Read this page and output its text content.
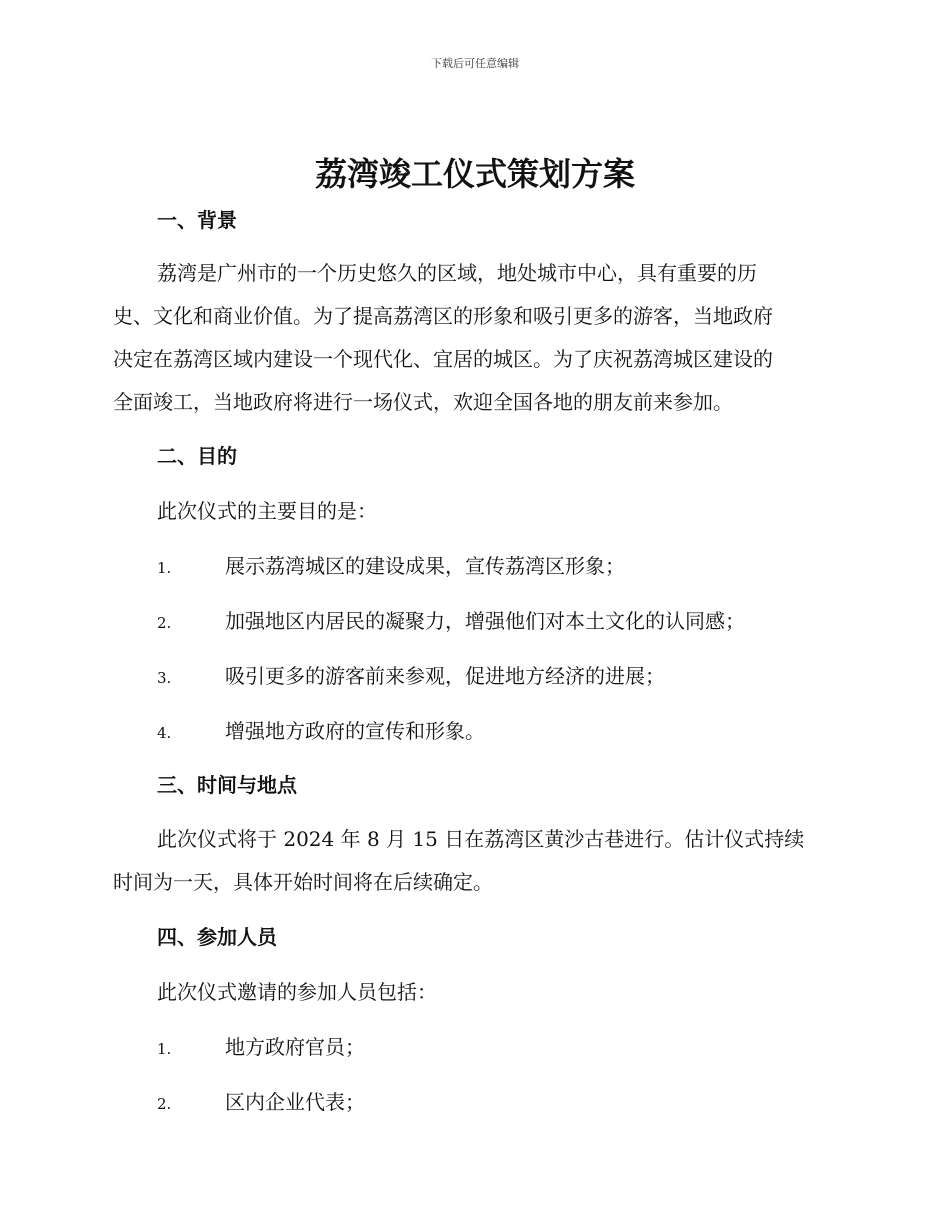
下载后可任意编辑
荔湾竣工仪式策划方案
一、背景
荔湾是广州市的一个历史悠久的区域，地处城市中心，具有重要的历
史、文化和商业价值。为了提高荔湾区的形象和吸引更多的游客，当地政府
决定在荔湾区域内建设一个现代化、宜居的城区。为了庆祝荔湾城区建设的
全面竣工，当地政府将进行一场仪式，欢迎全国各地的朋友前来参加。
二、目的
此次仪式的主要目的是：
1.	展示荔湾城区的建设成果，宣传荔湾区形象；
2.	加强地区内居民的凝聚力，增强他们对本土文化的认同感；
3.	吸引更多的游客前来参观，促进地方经济的进展；
4.	增强地方政府的宣传和形象。
三、时间与地点
此次仪式将于 2024 年 8 月 15 日在荔湾区黄沙古巷进行。估计仪式持续
时间为一天，具体开始时间将在后续确定。
四、参加人员
此次仪式邀请的参加人员包括：
1.	地方政府官员；
2.	区内企业代表；
